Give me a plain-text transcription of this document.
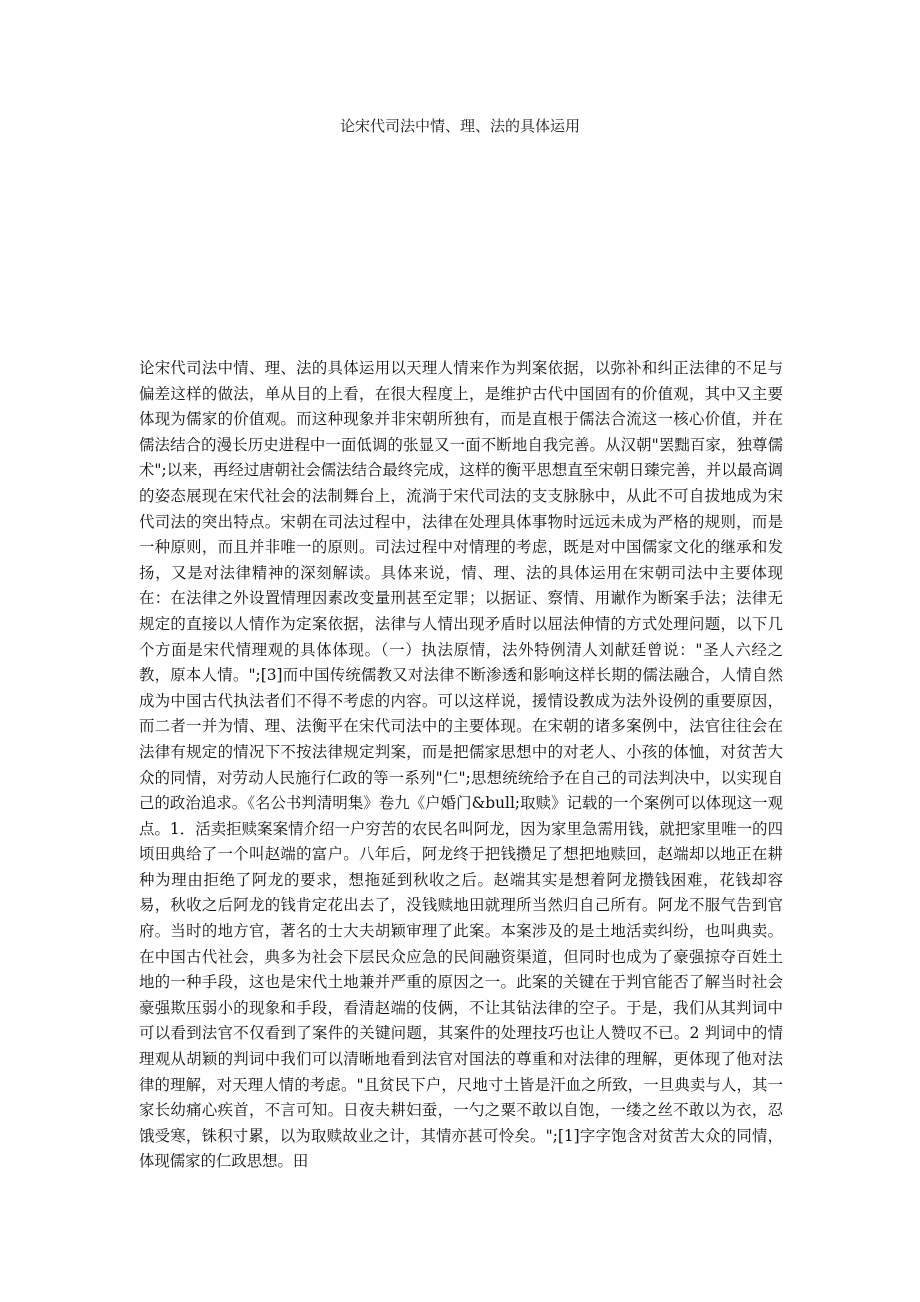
论宋代司法中情、理、法的具体运用

论宋代司法中情、理、法的具体运用以天理人情来作为判案依据，以弥补和纠正法律的不足与偏差这样的做法，单从目的上看，在很大程度上，是维护古代中国固有的价值观，其中又主要体现为儒家的价值观。而这种现象并非宋朝所独有，而是直根于儒法合流这一核心价值，并在儒法结合的漫长历史进程中一面低调的张显又一面不断地自我完善。从汉朝"罢黜百家，独尊儒术";以来，再经过唐朝社会儒法结合最终完成，这样的衡平思想直至宋朝日臻完善，并以最高调的姿态展现在宋代社会的法制舞台上，流淌于宋代司法的支支脉脉中，从此不可自拔地成为宋代司法的突出特点。宋朝在司法过程中，法律在处理具体事物时远远未成为严格的规则，而是一种原则，而且并非唯一的原则。司法过程中对情理的考虑，既是对中国儒家文化的继承和发扬，又是对法律精神的深刻解读。具体来说，情、理、法的具体运用在宋朝司法中主要体现在：在法律之外设置情理因素改变量刑甚至定罪；以据证、察情、用谳作为断案手法；法律无规定的直接以人情作为定案依据，法律与人情出现矛盾时以屈法伸情的方式处理问题，以下几个方面是宋代情理观的具体体现。（一）执法原情，法外特例清人刘献廷曾说："圣人六经之教，原本人情。";[3]而中国传统儒教又对法律不断渗透和影响这样长期的儒法融合，人情自然成为中国古代执法者们不得不考虑的内容。可以这样说，援情设教成为法外设例的重要原因，而二者一并为情、理、法衡平在宋代司法中的主要体现。在宋朝的诸多案例中，法官往往会在法律有规定的情况下不按法律规定判案，而是把儒家思想中的对老人、小孩的体恤，对贫苦大众的同情，对劳动人民施行仁政的等一系列"仁";思想统统给予在自己的司法判决中，以实现自己的政治追求。《名公书判清明集》卷九《户婚门&bull;取赎》记载的一个案例可以体现这一观点。1．活卖拒赎案案情介绍一户穷苦的农民名叫阿龙，因为家里急需用钱，就把家里唯一的四顷田典给了一个叫赵端的富户。八年后，阿龙终于把钱攒足了想把地赎回，赵端却以地正在耕种为理由拒绝了阿龙的要求，想拖延到秋收之后。赵端其实是想着阿龙攒钱困难，花钱却容易，秋收之后阿龙的钱肯定花出去了，没钱赎地田就理所当然归自己所有。阿龙不服气告到官府。当时的地方官，著名的士大夫胡颖审理了此案。本案涉及的是土地活卖纠纷，也叫典卖。在中国古代社会，典多为社会下层民众应急的民间融资渠道，但同时也成为了豪强掠夺百姓土地的一种手段，这也是宋代土地兼并严重的原因之一。此案的关键在于判官能否了解当时社会豪强欺压弱小的现象和手段，看清赵端的伎俩，不让其钻法律的空子。于是，我们从其判词中可以看到法官不仅看到了案件的关键问题，其案件的处理技巧也让人赞叹不已。2 判词中的情理观从胡颖的判词中我们可以清晰地看到法官对国法的尊重和对法律的理解，更体现了他对法律的理解，对天理人情的考虑。"且贫民下户，尺地寸土皆是汗血之所致，一旦典卖与人，其一家长幼痛心疾首，不言可知。日夜夫耕妇蚕，一勺之粟不敢以自饱，一缕之丝不敢以为衣，忍饿受寒，铢积寸累，以为取赎故业之计，其情亦甚可怜矣。";[1]字字饱含对贫苦大众的同情，体现儒家的仁政思想。田
